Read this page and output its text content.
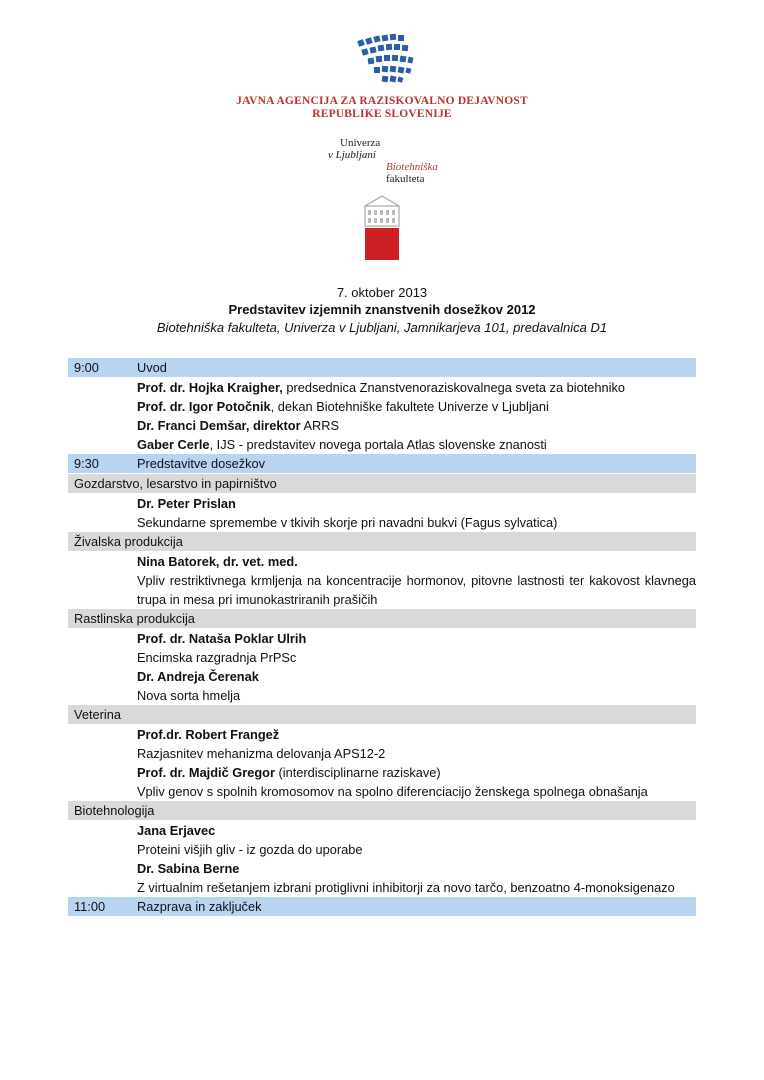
JAVNA AGENCIJA ZA RAZISKOVALNO DEJAVNOST
REPUBLIKE SLOVENIJE
Univerza
v Ljubljani
Biotehniška
fakulteta
7. oktober 2013
Predstavitev izjemnih znanstvenih dosežkov 2012
Biotehniška fakulteta, Univerza v Ljubljani, Jamnikarjeva 101, predavalnica D1
9:00	Uvod
Prof. dr. Hojka Kraigher, predsednica Znanstvenoraziskovalnega sveta za biotehniko
Prof. dr. Igor Potočnik, dekan Biotehniške fakultete Univerze v Ljubljani
Dr. Franci Demšar, direktor ARRS
Gaber Cerle, IJS - predstavitev novega portala Atlas slovenske znanosti
9:30	Predstavitve dosežkov
Gozdarstvo, lesarstvo in papirništvo
Dr. Peter Prislan
Sekundarne spremembe v tkivih skorje pri navadni bukvi (Fagus sylvatica)
Živalska produkcija
Nina Batorek, dr. vet. med.
Vpliv restriktivnega krmljenja na koncentracije hormonov, pitovne lastnosti ter kakovost klavnega trupa in mesa pri imunokastriranih prašičih
Rastlinska produkcija
Prof. dr. Nataša Poklar Ulrih
Encimska razgradnja PrPSc
Dr. Andreja Čerenak
Nova sorta hmelja
Veterina
Prof.dr. Robert Frangež
Razjasnitev mehanizma delovanja APS12-2
Prof. dr. Majdič Gregor (interdisciplinarne raziskave)
Vpliv genov s spolnih kromosomov na spolno diferenciacijo ženskega spolnega obnašanja
Biotehnologija
Jana Erjavec
Proteini višjih gliv - iz gozda do uporabe
Dr. Sabina Berne
Z virtualnim rešetanjem izbrani protiglivni inhibitorji za novo tarčo, benzoatno 4-monoksigenazo
11:00	Razprava in zaključek
